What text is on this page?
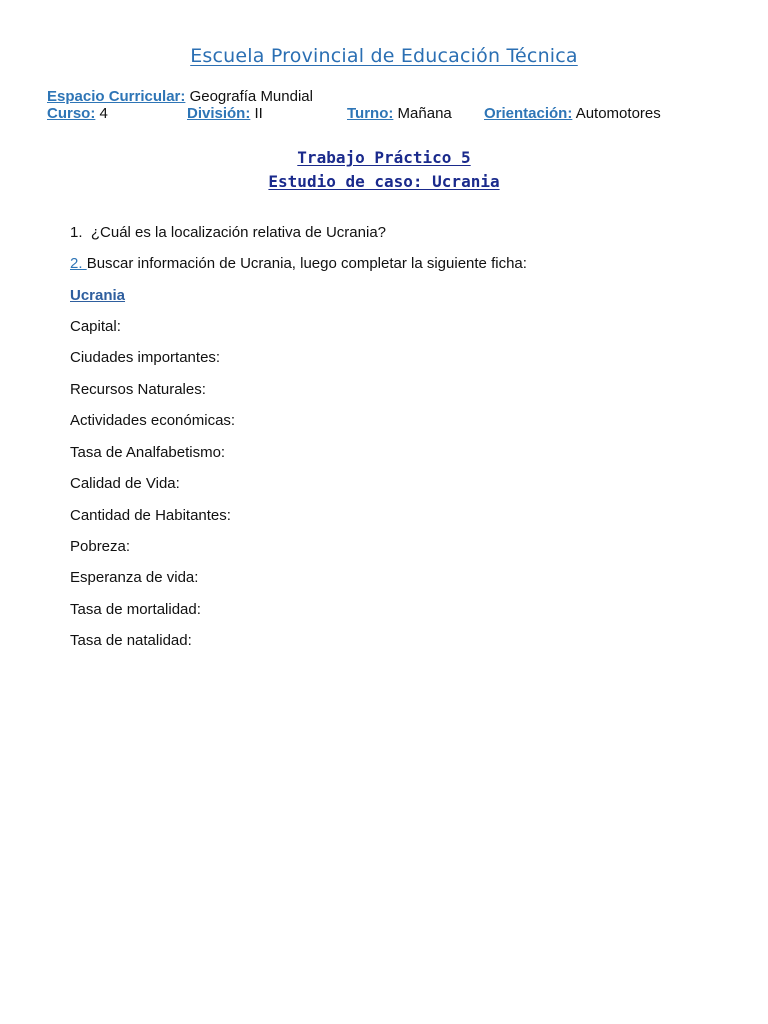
Escuela Provincial de Educación Técnica
Espacio Curricular: Geografía Mundial
Curso: 4	División: II	Turno: Mañana Orientación: Automotores
Trabajo Práctico 5
Estudio de caso: Ucrania
1. ¿Cuál es la localización relativa de Ucrania?
2. Buscar información de Ucrania, luego completar la siguiente ficha:
Ucrania
Capital:
Ciudades importantes:
Recursos Naturales:
Actividades económicas:
Tasa de Analfabetismo:
Calidad de Vida:
Cantidad de Habitantes:
Pobreza:
Esperanza de vida:
Tasa de mortalidad:
Tasa de natalidad:
